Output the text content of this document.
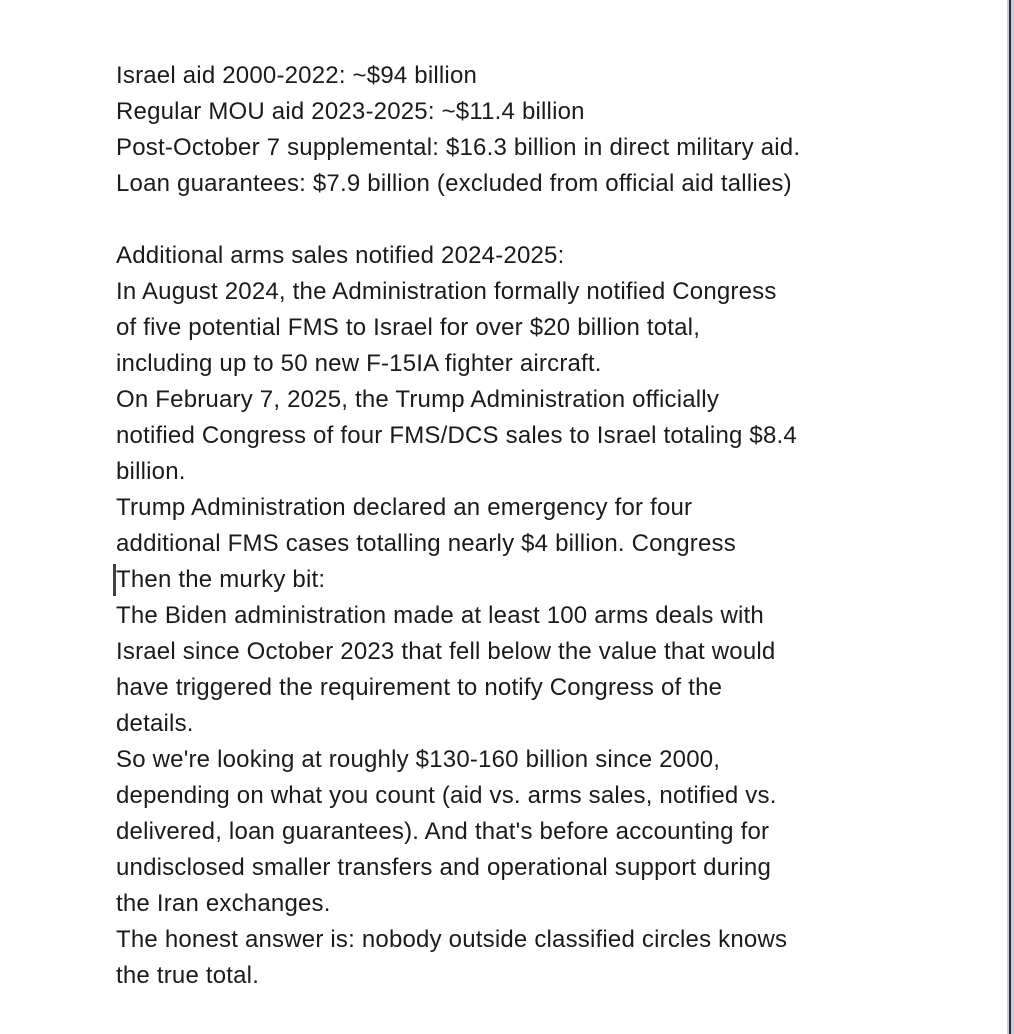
Israel aid 2000-2022: ~$94 billion
Regular MOU aid 2023-2025: ~$11.4 billion
Post-October 7 supplemental: $16.3 billion in direct military aid.
Loan guarantees: $7.9 billion (excluded from official aid tallies)
Additional arms sales notified 2024-2025:
In August 2024, the Administration formally notified Congress
of five potential FMS to Israel for over $20 billion total,
including up to 50 new F-15IA fighter aircraft.
On February 7, 2025, the Trump Administration officially
notified Congress of four FMS/DCS sales to Israel totaling $8.4
billion.
Trump Administration declared an emergency for four
additional FMS cases totalling nearly $4 billion. Congress
Then the murky bit:
The Biden administration made at least 100 arms deals with
Israel since October 2023 that fell below the value that would
have triggered the requirement to notify Congress of the
details.
So we're looking at roughly $130-160 billion since 2000,
depending on what you count (aid vs. arms sales, notified vs.
delivered, loan guarantees). And that's before accounting for
undisclosed smaller transfers and operational support during
the Iran exchanges.
The honest answer is: nobody outside classified circles knows
the true total.
